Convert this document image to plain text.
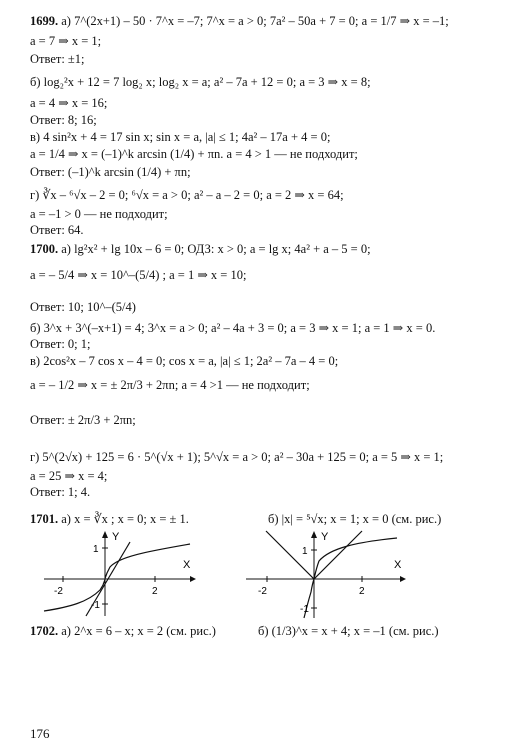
1699. а) 7^(2x+1) – 50 · 7^x = –7; 7^x = a > 0; 7a² – 50a + 7 = 0; a = 1/7 ⇒ x = –1;
a = 7 ⇒ x = 1;
Ответ: ±1;
б) log₂²x + 12 = 7 log₂ x; log₂ x = a; a² – 7a + 12 = 0; a = 3 ⇒ x = 8;
a = 4 ⇒ x = 16;
Ответ: 8; 16;
в) 4 sin²x + 4 = 17 sin x; sin x = a, |a| ≤ 1; 4a² – 17a + 4 = 0;
a = 1/4 ⇒ x = (–1)^k arcsin (1/4) + πn. a = 4 > 1 — не подходит;
Ответ: (–1)^k arcsin (1/4) + πn;
г) ∛x – ⁶√x – 2 = 0; ⁶√x = a > 0; a² – a – 2 = 0; a = 2 ⇒ x = 64;
a = –1 > 0 — не подходит;
Ответ: 64.
1700. а) lg²x² + lg 10x – 6 = 0; ОДЗ: x > 0; a = lg x; 4a² + a – 5 = 0;
a = – 5/4 ⇒ x = 10^–(5/4) ; a = 1 ⇒ x = 10;
Ответ: 10; 10^–(5/4)
б) 3^x + 3^(–x+1) = 4; 3^x = a > 0; a² – 4a + 3 = 0; a = 3 ⇒ x = 1; a = 1 ⇒ x = 0.
Ответ: 0; 1;
в) 2cos²x – 7 cos x – 4 = 0; cos x = a, |a| ≤ 1; 2a² – 7a – 4 = 0;
a = – 1/2 ⇒ x = ± 2π/3 + 2πn; a = 4 >1 — не подходит;
Ответ: ± 2π/3 + 2πn;
г) 5^(2√x) + 125 = 6 · 5^(√x + 1); 5^√x = a > 0; a² – 30a + 125 = 0; a = 5 ⇒ x = 1;
a = 25 ⇒ x = 4;
Ответ: 1; 4.
1701. а) x = ∛x ; x = 0; x = ± 1.	б) |x| = ⁵√x; x = 1; x = 0 (см. рис.)
X
Y
-2	2
1
-1
X
Y
-2	2
1
-1
1702. а) 2^x = 6 – x; x = 2 (см. рис.)	б) (1/3)^x = x + 4; x = –1 (см. рис.)
176
